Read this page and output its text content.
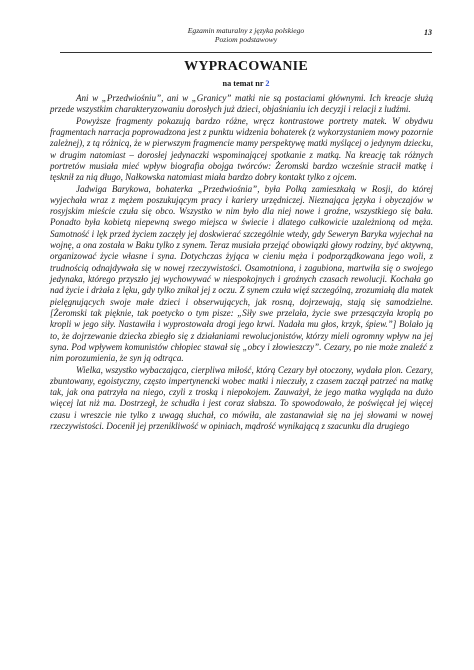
Egzamin maturalny z języka polskiego
Poziom podstawowy
13
WYPRACOWANIE
na temat nr 2

Ani w „Przedwiośniu”, ani w „Granicy” matki nie są postaciami głównymi. Ich kreacje służą przede wszystkim charakteryzowaniu dorosłych już dzieci, objaśnianiu ich decyzji i relacji z ludźmi.

Powyższe fragmenty pokazują bardzo różne, wręcz kontrastowe portrety matek. W obydwu fragmentach narracja poprowadzona jest z punktu widzenia bohaterek (z wykorzystaniem mowy pozornie zależnej), z tą różnicą, że w pierwszym fragmencie mamy perspektywę matki myślącej o jedynym dziecku, w drugim natomiast – dorosłej jedynaczki wspominającej spotkanie z matką. Na kreację tak różnych portretów musiała mieć wpływ biografia obojga twórców: Żeromski bardzo wcześnie stracił matkę i tęsknił za nią długo, Nałkowska natomiast miała bardzo dobry kontakt tylko z ojcem.

Jadwiga Barykowa, bohaterka „Przedwiośnia”, była Polką zamieszkałą w Rosji, do której wyjechała wraz z mężem poszukującym pracy i kariery urzędniczej. Nieznająca języka i obyczajów w rosyjskim mieście czuła się obco. Wszystko w nim było dla niej nowe i groźne, wszystkiego się bała. Ponadto była kobietą niepewną swego miejsca w świecie i dlatego całkowicie uzależnioną od męża. Samotność i lęk przed życiem zaczęły jej doskwierać szczególnie wtedy, gdy Seweryn Baryka wyjechał na wojnę, a ona została w Baku tylko z synem. Teraz musiała przejąć obowiązki głowy rodziny, być aktywną, organizować życie własne i syna. Dotychczas żyjąca w cieniu męża i podporządkowana jego woli, z trudnością odnajdywała się w nowej rzeczywistości. Osamotniona, i zagubiona, martwiła się o swojego jedynaka, którego przyszło jej wychowywać w niespokojnych i groźnych czasach rewolucji. Kochała go nad życie i drżała z lęku, gdy tylko znikał jej z oczu. Z synem czuła więź szczególną, zrozumiałą dla matek pielęgnujących swoje małe dzieci i obserwujących, jak rosną, dojrzewają, stają się samodzielne. [Żeromski tak pięknie, tak poetycko o tym pisze: „Siły swe przelała, życie swe przesączyła kroplą po kropli w jego siły. Nastawiła i wyprostowała drogi jego krwi. Nadała mu głos, krzyk, śpiew.”] Bolało ją to, że dojrzewanie dziecka zbiegło się z działaniami rewolucjonistów, którzy mieli ogromny wpływ na jej syna. Pod wpływem komunistów chłopiec stawał się „obcy i złowieszczy”. Cezary, po nie może znaleźć z nim porozumienia, że syn ją odtrąca.

Wielka, wszystko wybaczająca, cierpliwa miłość, którą Cezary był otoczony, wydała plon. Cezary, zbuntowany, egoistyczny, często impertynencki wobec matki i nieczuły, z czasem zaczął patrzeć na matkę tak, jak ona patrzyła na niego, czyli z troską i niepokojem. Zauważył, że jego matka wygląda na dużo więcej lat niż ma. Dostrzegł, że schudła i jest coraz słabsza. To spowodowało, że poświęcał jej więcej czasu i wreszcie nie tylko z uwagą słuchał, co mówiła, ale zastanawiał się na jej słowami w nowej rzeczywistości. Docenił jej przenikliwość w opiniach, mądrość wynikającą z szacunku dla drugiego
